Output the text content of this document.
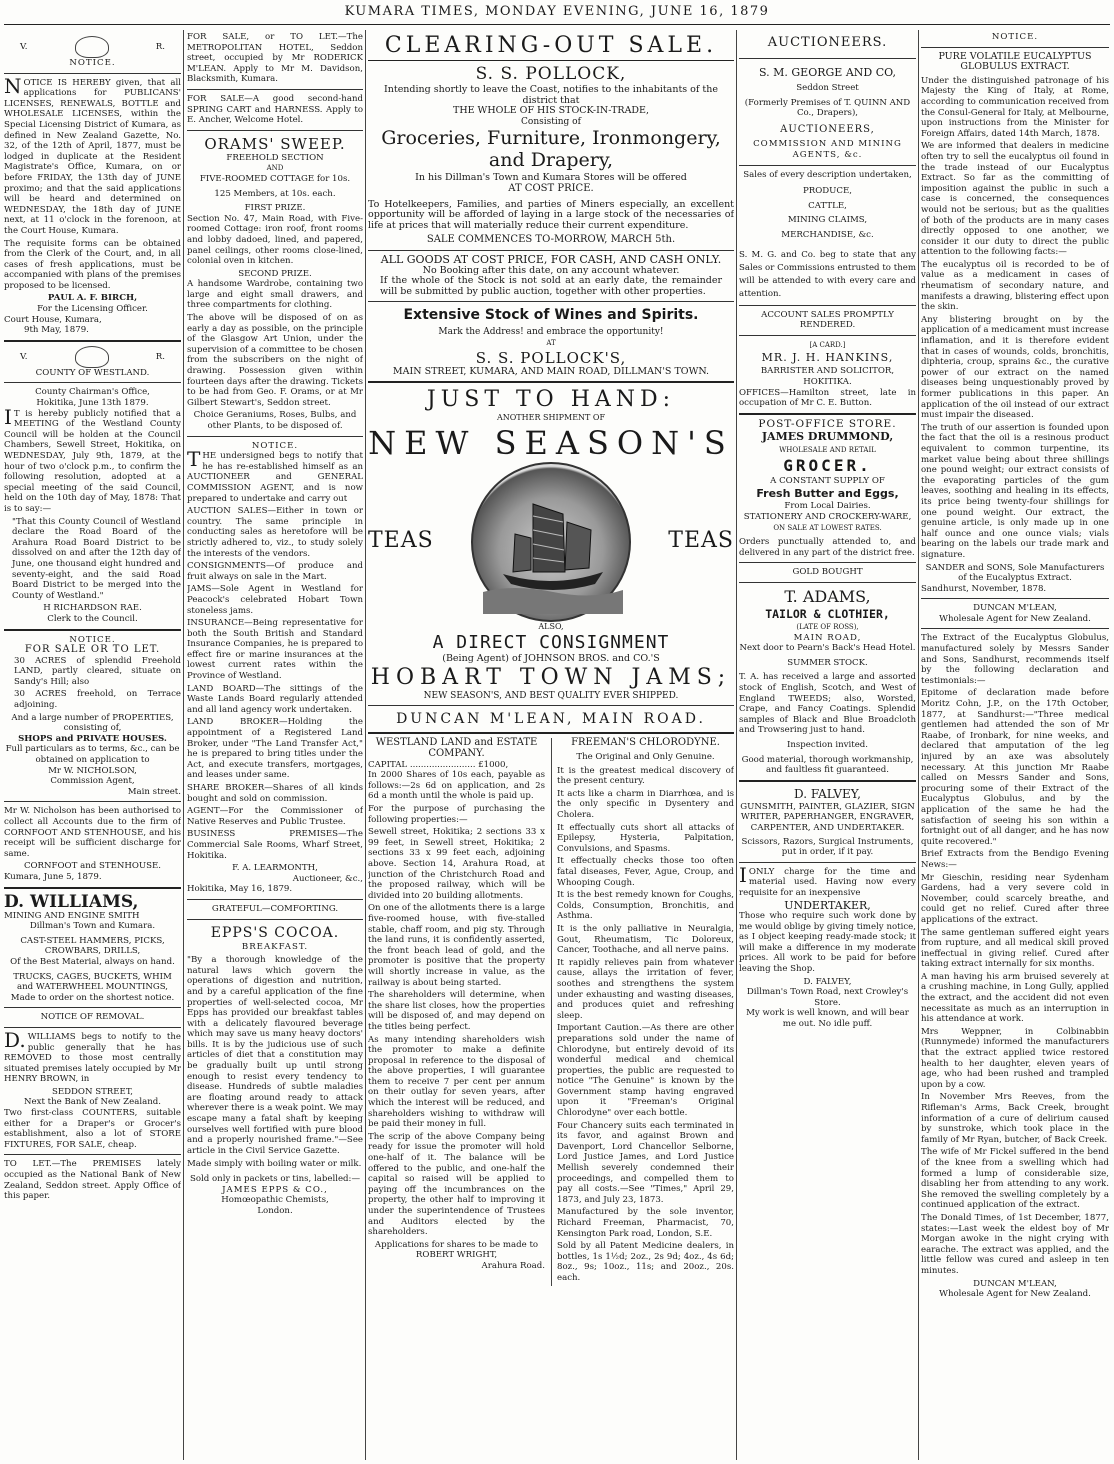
KUMARA TIMES, MONDAY EVENING, JUNE 16, 1879
V.	R.
NOTICE.

NOTICE IS HEREBY given, that all applications for PUBLICANS' LICENSES, RENEWALS, BOTTLE and WHOLESALE LICENSES, within the Special Licensing District of Kumara, as defined in New Zealand Gazette, No. 32, of the 12th of April, 1877, must be lodged in duplicate at the Resident Magistrate's Office, Kumara, on or before FRIDAY, the 13th day of JUNE proximo; and that the said applications will be heard and determined on WEDNESDAY, the 18th day of JUNE next, at 11 o'clock in the forenoon, at the Court House, Kumara.

The requisite forms can be obtained from the Clerk of the Court, and, in all cases of fresh applications, must be accompanied with plans of the premises proposed to be licensed.

PAUL A. F. BIRCH,
For the Licensing Officer.
Court House, Kumara,
9th May, 1879.
V.	R.
COUNTY OF WESTLAND.
County Chairman's Office,
Hokitika, June 13th 1879.

IT is hereby publicly notified that a MEETING of the Westland County Council will be holden at the Council Chambers, Sewell Street, Hokitika, on WEDNESDAY, July 9th, 1879, at the hour of two o'clock p.m., to confirm the following resolution, adopted at a special meeting of the said Council, held on the 10th day of May, 1878: That is to say:—

"That this County Council of Westland declare the Road Board of the Arahura Road Board District to be dissolved on and after the 12th day of June, one thousand eight hundred and seventy-eight, and the said Road Board District to be merged into the County of Westland."

H RICHARDSON RAE.
Clerk to the Council.
NOTICE.
FOR SALE OR TO LET.

30 ACRES of splendid Freehold LAND, partly cleared, situate on Sandy's Hill; also

30 ACRES freehold, on Terrace adjoining.

And a large number of PROPERTIES, consisting of,
SHOPS and PRIVATE HOUSES.
Full particulars as to terms, &c., can be obtained on application to
Mr W. NICHOLSON,
Commission Agent,
Main street.

Mr W. Nicholson has been authorised to collect all Accounts due to the firm of CORNFOOT AND STENHOUSE, and his receipt will be sufficient discharge for same.

CORNFOOT and STENHOUSE.
Kumara, June 5, 1879.
D. WILLIAMS,
MINING AND ENGINE SMITH
Dillman's Town and Kumara.
CAST-STEEL HAMMERS, PICKS, CROWBARS, DRILLS,
Of the Best Material, always on hand.
TRUCKS, CAGES, BUCKETS, WHIM and WATERWHEEL MOUNTINGS,
Made to order on the shortest notice.
NOTICE OF REMOVAL.

D.WILLIAMS begs to notify to the public generally that he has REMOVED to those most centrally situated premises lately occupied by Mr HENRY BROWN, in

SEDDON STREET,
Next the Bank of New Zealand.

Two first-class COUNTERS, suitable either for a Draper's or Grocer's establishment, also a lot of STORE FIXTURES, FOR SALE, cheap.

TO LET.—The PREMISES lately occupied as the National Bank of New Zealand, Seddon street. Apply Office of this paper.

FOR SALE, or TO LET.—The METROPOLITAN HOTEL, Seddon street, occupied by Mr RODERICK M'LEAN. Apply to Mr M. Davidson, Blacksmith, Kumara.

FOR SALE—A good second-hand SPRING CART and HARNESS. Apply to E. Ancher, Welcome Hotel.

ORAMS' SWEEP.
FREEHOLD SECTION
AND
FIVE-ROOMED COTTAGE for 10s.
125 Members, at 10s. each.
FIRST PRIZE.

Section No. 47, Main Road, with Five-roomed Cottage: iron roof, front rooms and lobby dadoed, lined, and papered, panel ceilings, other rooms close-lined, colonial oven in kitchen.

SECOND PRIZE.

A handsome Wardrobe, containing two large and eight small drawers, and three compartments for clothing.

The above will be disposed of on as early a day as possible, on the principle of the Glasgow Art Union, under the supervision of a committee to be chosen from the subscribers on the night of drawing. Possession given within fourteen days after the drawing. Tickets to be had from Geo. F. Orams, or at Mr Gilbert Stewart's, Seddon street.

Choice Geraniums, Roses, Bulbs, and other Plants, to be disposed of.

NOTICE.

THE undersigned begs to notify that he has re-established himself as an AUCTIONEER and GENERAL COMMISSION AGENT, and is now prepared to undertake and carry out

AUCTION SALES—Either in town or country. The same principle in conducting sales as heretofore will be strictly adhered to, viz., to study solely the interests of the vendors.

CONSIGNMENTS—Of produce and fruit always on sale in the Mart.

JAMS—Sole Agent in Westland for Peacock's celebrated Hobart Town stoneless jams.

INSURANCE—Being representative for both the South British and Standard Insurance Companies, he is prepared to effect fire or marine insurances at the lowest current rates within the Province of Westland.

LAND BOARD—The sittings of the Waste Lands Board regularly attended and all land agency work undertaken.

LAND BROKER—Holding the appointment of a Registered Land Broker, under "The Land Transfer Act," he is prepared to bring titles under the Act, and execute transfers, mortgages, and leases under same.

SHARE BROKER—Shares of all kinds bought and sold on commission.

AGENT—For the Commissioner of Native Reserves and Public Trustee.

BUSINESS PREMISES—The Commercial Sale Rooms, Wharf Street, Hokitika.

F. A. LEARMONTH,
Auctioneer, &c.,
Hokitika, May 16, 1879.
GRATEFUL—COMFORTING.
EPPS'S COCOA.
BREAKFAST.

"By a thorough knowledge of the natural laws which govern the operations of digestion and nutrition, and by a careful application of the fine properties of well-selected cocoa, Mr Epps has provided our breakfast tables with a delicately flavoured beverage which may save us many heavy doctors' bills. It is by the judicious use of such articles of diet that a constitution may be gradually built up until strong enough to resist every tendency to disease. Hundreds of subtle maladies are floating around ready to attack wherever there is a weak point. We may escape many a fatal shaft by keeping ourselves well fortified with pure blood and a properly nourished frame."—See article in the Civil Service Gazette.

Made simply with boiling water or milk.

Sold only in packets or tins, labelled:—
JAMES EPPS & CO.,
Homœopathic Chemists,
London.
CLEARING-OUT SALE.
S. S. POLLOCK,
Intending shortly to leave the Coast, notifies to the inhabitants of the district that
THE WHOLE OF HIS STOCK-IN-TRADE,
Consisting of
Groceries, Furniture, Ironmongery, and Drapery,
In his Dillman's Town and Kumara Stores will be offered
AT COST PRICE.

To Hotelkeepers, Families, and parties of Miners especially, an excellent opportunity will be afforded of laying in a large stock of the necessaries of life at prices that will materially reduce their current expenditure.

SALE COMMENCES TO-MORROW, MARCH 5th.
ALL GOODS AT COST PRICE, FOR CASH, AND CASH ONLY.
No Booking after this date, on any account whatever.

If the whole of the Stock is not sold at an early date, the remainder will be submitted by public auction, together with other properties.

Extensive Stock of Wines and Spirits.
Mark the Address! and embrace the opportunity!
AT
S. S. POLLOCK'S,
MAIN STREET, KUMARA, AND MAIN ROAD, DILLMAN'S TOWN.
JUST TO HAND:
ANOTHER SHIPMENT OF
NEW SEASON'S
TEAS	TEAS
ALSO,
A DIRECT CONSIGNMENT
(Being Agent) of JOHNSON BROS. and CO.'S
HOBART TOWN JAMS;
NEW SEASON'S, AND BEST QUALITY EVER SHIPPED.
DUNCAN M'LEAN, MAIN ROAD.
WESTLAND LAND and ESTATE COMPANY.
CAPITAL ........................ £1000,

In 2000 Shares of 10s each, payable as follows:—2s 6d on application, and 2s 6d a month until the whole is paid up.

For the purpose of purchasing the following properties:—

Sewell street, Hokitika; 2 sections 33 x 99 feet, in Sewell street, Hokitika; 2 sections 33 x 99 feet each, adjoining above. Section 14, Arahura Road, at junction of the Christchurch Road and the proposed railway, which will be divided into 20 building allotments.

On one of the allotments there is a large five-roomed house, with five-stalled stable, chaff room, and pig sty. Through the land runs, it is confidently asserted, the front beach lead of gold, and the promoter is positive that the property will shortly increase in value, as the railway is about being started.

The shareholders will determine, when the share list closes, how the properties will be disposed of, and may depend on the titles being perfect.

As many intending shareholders wish the promoter to make a definite proposal in reference to the disposal of the above properties, I will guarantee them to receive 7 per cent per annum on their outlay for seven years, after which the interest will be reduced, and shareholders wishing to withdraw will be paid their money in full.

The scrip of the above Company being ready for issue the promoter will hold one-half of it. The balance will be offered to the public, and one-half the capital so raised will be applied to paying off the incumbrances on the property, the other half to improving it under the superintendence of Trustees and Auditors elected by the shareholders.

Applications for shares to be made to
ROBERT WRIGHT,
Arahura Road.
FREEMAN'S CHLORODYNE.
The Original and Only Genuine.

It is the greatest medical discovery of the present century.

It acts like a charm in Diarrhœa, and is the only specific in Dysentery and Cholera.

It effectually cuts short all attacks of Epilepsy, Hysteria, Palpitation, Convulsions, and Spasms.

It effectually checks those too often fatal diseases, Fever, Ague, Croup, and Whooping Cough.

It is the best remedy known for Coughs, Colds, Consumption, Bronchitis, and Asthma.

It is the only palliative in Neuralgia, Gout, Rheumatism, Tic Doloreux, Cancer, Toothache, and all nerve pains.

It rapidly relieves pain from whatever cause, allays the irritation of fever, soothes and strengthens the system under exhausting and wasting diseases, and produces quiet and refreshing sleep.

Important Caution.—As there are other preparations sold under the name of Chlorodyne, but entirely devoid of its wonderful medical and chemical properties, the public are requested to notice "The Genuine" is known by the Government stamp having engraved upon it "Freeman's Original Chlorodyne" over each bottle.

Four Chancery suits each terminated in its favor, and against Brown and Davenport, Lord Chancellor Selborne, Lord Justice James, and Lord Justice Mellish severely condemned their proceedings, and compelled them to pay all costs.—See "Times," April 29, 1873, and July 23, 1873.

Manufactured by the sole inventor, Richard Freeman, Pharmacist, 70, Kensington Park road, London, S.E.

Sold by all Patent Medicine dealers, in bottles, 1s 1½d; 2oz., 2s 9d; 4oz., 4s 6d; 8oz., 9s; 10oz., 11s; and 20oz., 20s. each.

AUCTIONEERS.
S. M. GEORGE AND CO,
Seddon Street
(Formerly Premises of T. QUINN AND Co., Drapers),
AUCTIONEERS,
COMMISSION AND MINING AGENTS, &c.
Sales of every description undertaken,
PRODUCE,
CATTLE,
MINING CLAIMS,
MERCHANDISE, &c.

S. M. G. and Co. beg to state that any Sales or Commissions entrusted to them will be attended to with every care and attention.

ACCOUNT SALES PROMPTLY RENDERED.
[A CARD.]
MR. J. H. HANKINS,
BARRISTER AND SOLICITOR,
HOKITIKA.

OFFICES—Hamilton street, late in occupation of Mr C. E. Button.

POST-OFFICE STORE.
JAMES DRUMMOND,
WHOLESALE AND RETAIL
GROCER.
A CONSTANT SUPPLY OF
Fresh Butter and Eggs,
From Local Dairies.
STATIONERY AND CROCKERY-WARE,
ON SALE AT LOWEST RATES.

Orders punctually attended to, and delivered in any part of the district free.

GOLD BOUGHT
T. ADAMS,
TAILOR & CLOTHIER,
(LATE OF ROSS),
MAIN ROAD,
Next door to Pearn's Back's Head Hotel.
SUMMER STOCK.

T. A. has received a large and assorted stock of English, Scotch, and West of England TWEEDS; also, Worsted, Crape, and Fancy Coatings. Splendid samples of Black and Blue Broadcloth and Trowsering just to hand.

Inspection invited.
Good material, thorough workmanship, and faultless fit guaranteed.
D. FALVEY,
GUNSMITH, PAINTER, GLAZIER, SIGN WRITER, PAPERHANGER, ENGRAVER, CARPENTER, AND UNDERTAKER.

Scissors, Razors, Surgical Instruments, put in order, if it pay.

IONLY charge for the time and material used. Having now every requisite for an inexpensive

UNDERTAKER,

Those who require such work done by me would oblige by giving timely notice, as I object keeping ready-made stock; it will make a difference in my moderate prices. All work to be paid for before leaving the Shop.

D. FALVEY,
Dillman's Town Road, next Crowley's Store.
My work is well known, and will bear me out. No idle puff.
NOTICE.
PURE VOLATILE EUCALYPTUS GLOBULUS EXTRACT.

Under the distinguished patronage of his Majesty the King of Italy, at Rome, according to communication received from the Consul-General for Italy, at Melbourne, upon instructions from the Minister for Foreign Affairs, dated 14th March, 1878.

We are informed that dealers in medicine often try to sell the eucalyptus oil found in the trade instead of our Eucalyptus Extract. So far as the committing of imposition against the public in such a case is concerned, the consequences would not be serious; but as the qualities of both of the products are in many cases directly opposed to one another, we consider it our duty to direct the public attention to the following facts:—

The eucalyptus oil is recorded to be of value as a medicament in cases of rheumatism of secondary nature, and manifests a drawing, blistering effect upon the skin.

Any blistering brought on by the application of a medicament must increase inflamation, and it is therefore evident that in cases of wounds, colds, bronchitis, diphteria, croup, sprains &c., the curative power of our extract on the named diseases being unquestionably proved by former publications in this paper. An application of the oil instead of our extract must impair the diseased.

The truth of our assertion is founded upon the fact that the oil is a resinous product equivalent to common turpentine, its market value being about three shillings one pound weight; our extract consists of the evaporating particles of the gum leaves, soothing and healing in its effects, its price being twenty-four shillings for one pound weight. Our extract, the genuine article, is only made up in one half ounce and one ounce vials; vials bearing on the labels our trade mark and signature.

SANDER and SONS, Sole Manufacturers of the Eucalyptus Extract.
Sandhurst, November, 1878.
DUNCAN M'LEAN,
Wholesale Agent for New Zealand.

The Extract of the Eucalyptus Globulus, manufactured solely by Messrs Sander and Sons, Sandhurst, recommends itself by the following declaration and testimonials:—

Epitome of declaration made before Moritz Cohn, J.P., on the 17th October, 1877, at Sandhurst:—"Three medical gentlemen had attended the son of Mr Raabe, of Ironbark, for nine weeks, and declared that amputation of the leg injured by an axe was absolutely necessary. At this junction Mr Raabe called on Messrs Sander and Sons, procuring some of their Extract of the Eucalyptus Globulus, and by the application of the same he had the satisfaction of seeing his son within a fortnight out of all danger, and he has now quite recovered."

Brief Extracts from the Bendigo Evening News:—

Mr Gieschin, residing near Sydenham Gardens, had a very severe cold in November, could scarcely breathe, and could get no relief. Cured after three applications of the extract.

The same gentleman suffered eight years from rupture, and all medical skill proved ineffectual in giving relief. Cured after taking extract internally for six months.

A man having his arm bruised severely at a crushing machine, in Long Gully, applied the extract, and the accident did not even necessitate as much as an interruption in his attendance at work.

Mrs Weppner, in Colbinabbin (Runnymede) informed the manufacturers that the extract applied twice restored health to her daughter, eleven years of age, who had been rushed and trampled upon by a cow.

In November Mrs Reeves, from the Rifleman's Arms, Back Creek, brought information of a cure of delirium caused by sunstroke, which took place in the family of Mr Ryan, butcher, of Back Creek.

The wife of Mr Fickel suffered in the bend of the knee from a swelling which had formed a lump of considerable size, disabling her from attending to any work. She removed the swelling completely by a continued application of the extract.

The Donald Times, of 1st December, 1877, states:—Last week the eldest boy of Mr Morgan awoke in the night crying with earache. The extract was applied, and the little fellow was cured and asleep in ten minutes.

DUNCAN M'LEAN,
Wholesale Agent for New Zealand.
